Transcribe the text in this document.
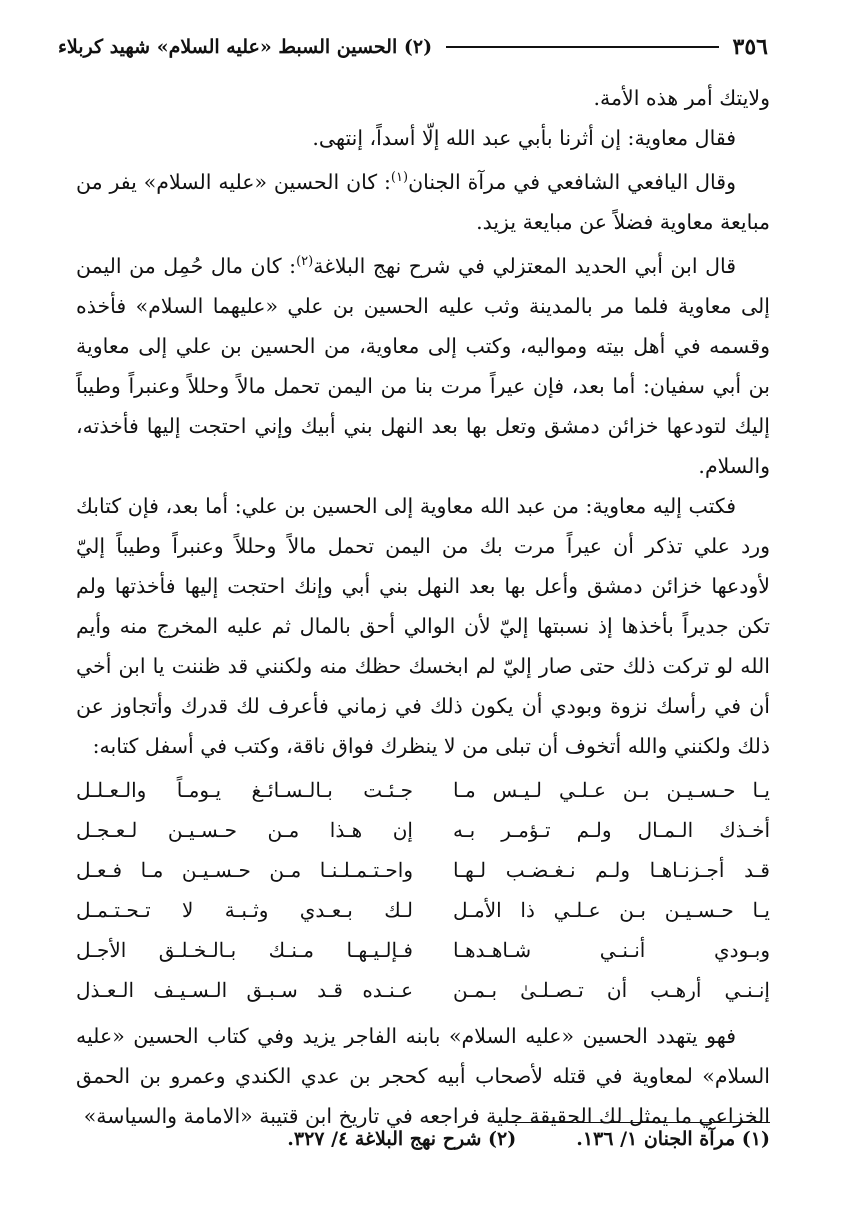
٣٥٦
(٢) الحسين السبط «عليه السلام» شهيد كربلاء

ولايتك أمر هذه الأمة.

فقال معاوية: إن أثرنا بأبي عبد الله إلّا أسداً، إنتهى.

وقال اليافعي الشافعي في مرآة الجنان$^{(١)}$: كان الحسين «عليه السلام» يفر من مبايعة معاوية فضلاً عن مبايعة يزيد.

قال ابن أبي الحديد المعتزلي في شرح نهج البلاغة$^{(٢)}$: كان مال حُمِل من اليمن إلى معاوية فلما مر بالمدينة وثب عليه الحسين بن علي «عليهما السلام» فأخذه وقسمه في أهل بيته ومواليه، وكتب إلى معاوية، من الحسين بن علي إلى معاوية بن أبي سفيان: أما بعد، فإن عيراً مرت بنا من اليمن تحمل مالاً وحللاً وعنبراً وطيباً إليك لتودعها خزائن دمشق وتعل بها بعد النهل بني أبيك وإني احتجت إليها فأخذته، والسلام.

فكتب إليه معاوية: من عبد الله معاوية إلى الحسين بن علي: أما بعد، فإن كتابك ورد علي تذكر أن عيراً مرت بك من اليمن تحمل مالاً وحللاً وعنبراً وطيباً إليّ لأودعها خزائن دمشق وأعل بها بعد النهل بني أبي وإنك احتجت إليها فأخذتها ولم تكن جديراً بأخذها إذ نسبتها إليّ لأن الوالي أحق بالمال ثم عليه المخرج منه وأيم الله لو تركت ذلك حتى صار إليّ لم ابخسك حظك منه ولكنني قد ظننت يا ابن أخي أن في رأسك نزوة وبودي أن يكون ذلك في زماني فأعرف لك قدرك وأتجاوز عن ذلك ولكنني والله أتخوف أن تبلى من لا ينظرك فواق ناقة، وكتب في أسفل كتابه:

يـا حـسـيـن بـن عـلـي لـيـس مـا
جـئـت بـالـسـائـغ يـومـاً والـعـلـل
أخـذك الـمـال ولـم تـؤمـر بـه
إن هـذا مـن حـسـيـن لـعـجـل
قـد أجـزنـاهـا ولـم نـغـضـب لـهـا
واحـتـمـلـنـا مـن حـسـيـن مـا فـعـل
يـا حـسـيـن بـن عـلـي ذا الأمـل
لـك بـعـدي وثـبـة لا تـحـتـمـل
وبـودي أنـنـي شـاهـدهـا
فـإلـيـهـا مـنـك بـالـخـلـق الأجـل
إنـنـي أرهـب أن تـصـلـىٰ بـمـن
عـنـده قـد سـبـق الـسـيـف الـعـذل

فهو يتهدد الحسين «عليه السلام» بابنه الفاجر يزيد وفي كتاب الحسين «عليه السلام» لمعاوية في قتله لأصحاب أبيه كحجر بن عدي الكندي وعمرو بن الحمق الخزاعي ما يمثل لك الحقيقة جلية فراجعه في تاريخ ابن قتيبة «الامامة والسياسة»

(١) مرآة الجنان ١/ ١٣٦.
(٢) شرح نهج البلاغة ٤/ ٣٢٧.
